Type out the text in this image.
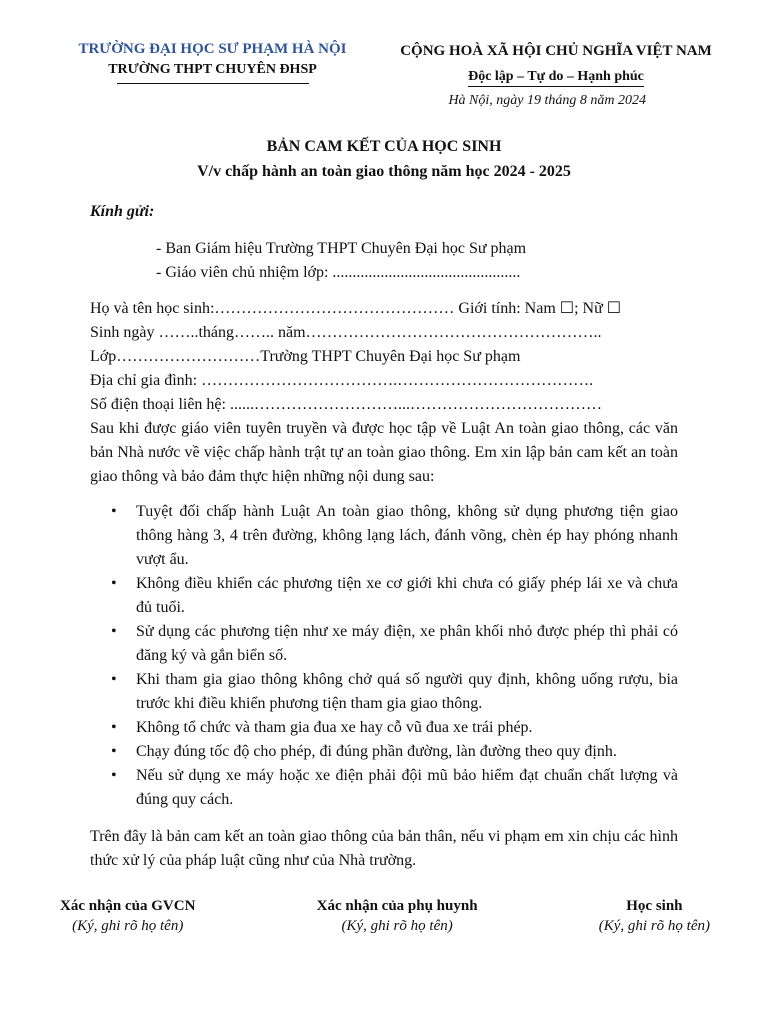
TRƯỜNG ĐẠI HỌC SƯ PHẠM HÀ NỘI
TRƯỜNG THPT CHUYÊN ĐHSP
CỘNG HOÀ XÃ HỘI CHỦ NGHĨA VIỆT NAM
Độc lập – Tự do – Hạnh phúc
Hà Nội, ngày 19 tháng 8 năm 2024
BẢN CAM KẾT CỦA HỌC SINH
V/v chấp hành an toàn giao thông năm học 2024 - 2025
Kính gửi:
- Ban Giám hiệu Trường THPT Chuyên Đại học Sư phạm
- Giáo viên chủ nhiệm lớp: ...............................................
Họ và tên học sinh:……………………………………… Giới tính: Nam ☐; Nữ ☐
Sinh ngày ……..tháng…….. năm………………………………………………..
Lớp………………………Trường THPT Chuyên Đại học Sư phạm
Địa chỉ gia đình: ……………………………….……………………………….
Số điện thoại liên hệ: ......………………………...………………………………
Sau khi được giáo viên tuyên truyền và được học tập về Luật An toàn giao thông, các văn bản Nhà nước về việc chấp hành trật tự an toàn giao thông. Em xin lập bản cam kết an toàn giao thông và bảo đảm thực hiện những nội dung sau:
• Tuyệt đối chấp hành Luật An toàn giao thông, không sử dụng phương tiện giao thông hàng 3, 4 trên đường, không lạng lách, đánh võng, chèn ép hay phóng nhanh vượt ẩu.
• Không điều khiển các phương tiện xe cơ giới khi chưa có giấy phép lái xe và chưa đủ tuổi.
• Sử dụng các phương tiện như xe máy điện, xe phân khối nhỏ được phép thì phải có đăng ký và gắn biển số.
• Khi tham gia giao thông không chở quá số người quy định, không uống rượu, bia trước khi điều khiển phương tiện tham gia giao thông.
• Không tổ chức và tham gia đua xe hay cỗ vũ đua xe trái phép.
• Chạy đúng tốc độ cho phép, đi đúng phần đường, làn đường theo quy định.
• Nếu sử dụng xe máy hoặc xe điện phải đội mũ bảo hiểm đạt chuẩn chất lượng và đúng quy cách.
Trên đây là bản cam kết an toàn giao thông của bản thân, nếu vi phạm em xin chịu các hình thức xử lý của pháp luật cũng như của Nhà trường.
Xác nhận của GVCN
(Ký, ghi rõ họ tên)
Xác nhận của phụ huynh
(Ký, ghi rõ họ tên)
Học sinh
(Ký, ghi rõ họ tên)
